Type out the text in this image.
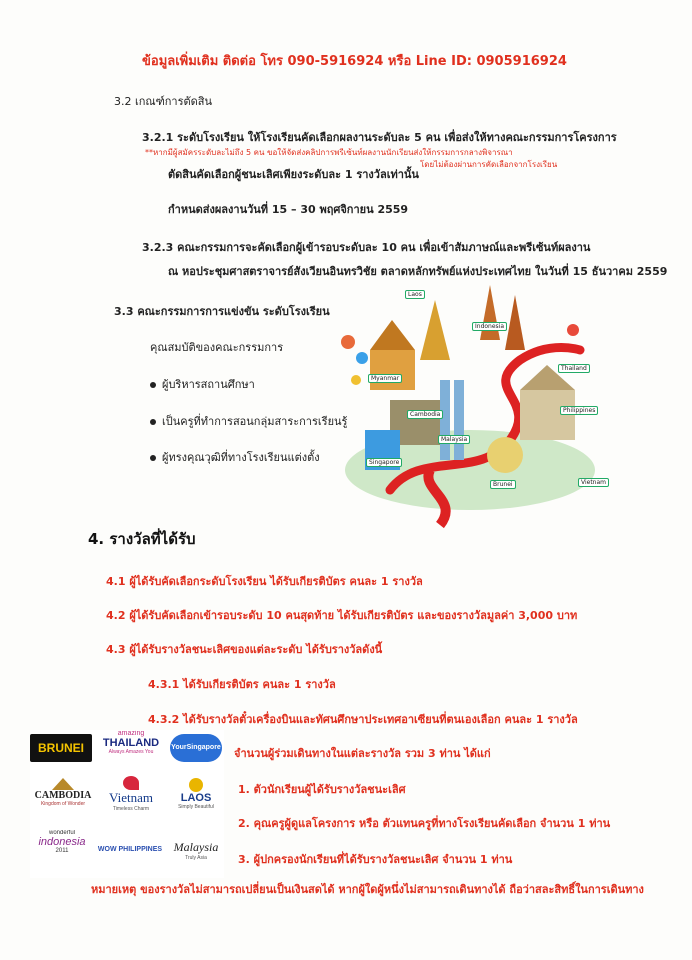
ข้อมูลเพิ่มเติม ติดต่อ โทร 090-5916924 หรือ Line ID: 0905916924
3.2 เกณฑ์การตัดสิน
3.2.1 ระดับโรงเรียน ให้โรงเรียนคัดเลือกผลงานระดับละ 5 คน เพื่อส่งให้ทางคณะกรรมการโครงการ
**หากมีผู้สมัครระดับละไม่ถึง 5 คน ขอให้จัดส่งคลิปการพรีเซ้นท์ผลงานนักเรียนส่งให้กรรมการกลางพิจารณา
โดยไม่ต้องผ่านการคัดเลือกจากโรงเรียน
ตัดสินคัดเลือกผู้ชนะเลิศเพียงระดับละ 1 รางวัลเท่านั้น
กำหนดส่งผลงานวันที่ 15 – 30 พฤศจิกายน 2559
3.2.3 คณะกรรมการจะคัดเลือกผู้เข้ารอบระดับละ 10 คน เพื่อเข้าสัมภาษณ์และพรีเซ้นท์ผลงาน
ณ หอประชุมศาสตราจารย์สังเวียนอินทรวิชัย ตลาดหลักทรัพย์แห่งประเทศไทย ในวันที่ 15 ธันวาคม 2559
3.3 คณะกรรมการการแข่งขัน ระดับโรงเรียน
คุณสมบัติของคณะกรรมการ
ผู้บริหารสถานศึกษา
เป็นครูที่ทำการสอนกลุ่มสาระการเรียนรู้
ผู้ทรงคุณวุฒิที่ทางโรงเรียนแต่งตั้ง
Laos
Indonesia
Myanmar
Thailand
Cambodia
Philippines
Malaysia
Singapore
Brunei	Vietnam
4. รางวัลที่ได้รับ
4.1 ผู้ได้รับคัดเลือกระดับโรงเรียน ได้รับเกียรติบัตร คนละ 1 รางวัล
4.2 ผู้ได้รับคัดเลือกเข้ารอบระดับ 10 คนสุดท้าย ได้รับเกียรติบัตร และของรางวัลมูลค่า 3,000 บาท
4.3 ผู้ได้รับรางวัลชนะเลิศของแต่ละระดับ ได้รับรางวัลดังนี้
4.3.1 ได้รับเกียรติบัตร คนละ 1 รางวัล
4.3.2 ได้รับรางวัลตั๋วเครื่องบินและทัศนศึกษาประเทศอาเซียนที่ตนเองเลือก คนละ 1 รางวัล
จำนวนผู้ร่วมเดินทางในแต่ละรางวัล รวม 3 ท่าน ได้แก่
1. ตัวนักเรียนผู้ได้รับรางวัลชนะเลิศ
2. คุณครูผู้ดูแลโครงการ หรือ ตัวแทนครูที่ทางโรงเรียนคัดเลือก จำนวน 1 ท่าน
3. ผู้ปกครองนักเรียนที่ได้รับรางวัลชนะเลิศ จำนวน 1 ท่าน
หมายเหตุ ของรางวัลไม่สามารถเปลี่ยนเป็นเงินสดได้ หากผู้ใดผู้หนึ่งไม่สามารถเดินทางได้ ถือว่าสละสิทธิ์ในการเดินทาง
BRUNEI
amazing
THAILAND
Always Amazes You
YourSingapore
CAMBODIA
Kingdom of Wonder	Vietnam
Timeless Charm
LAOS
Simply Beautiful
wonderful
indonesia
2011	WOW PHILIPPINES Malaysia
Truly Asia
